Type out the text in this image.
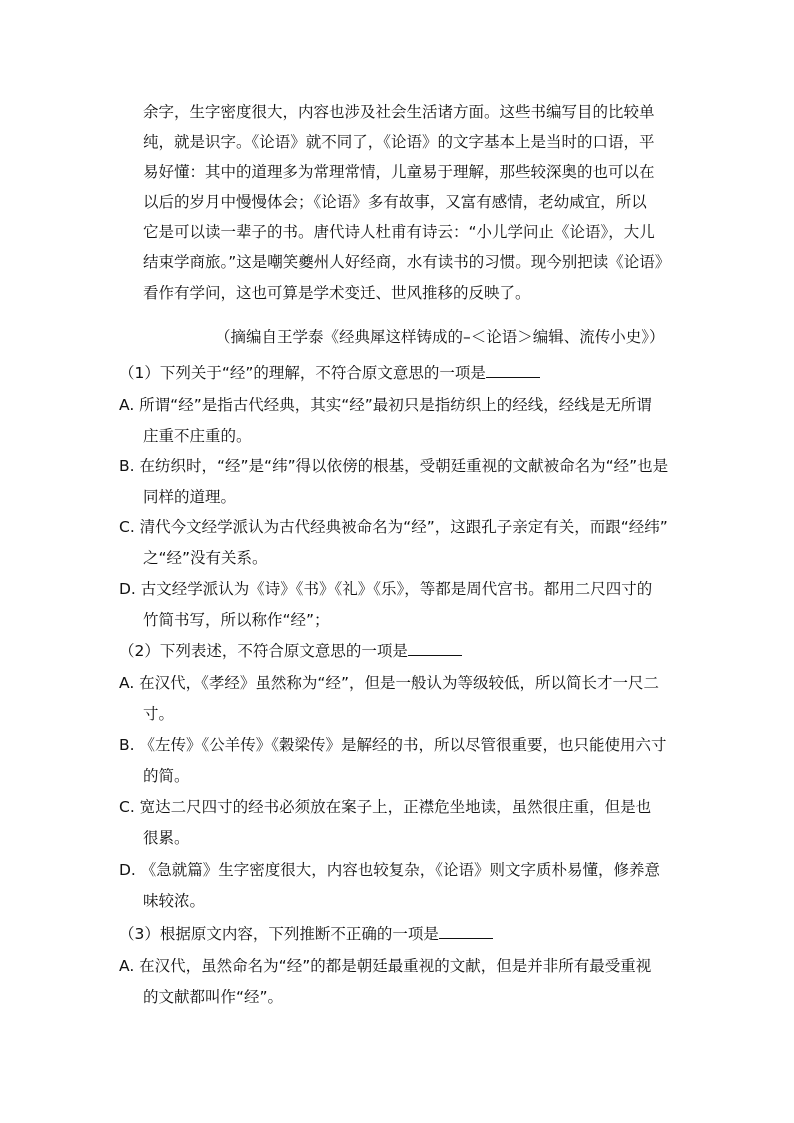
余字，生字密度很大，内容也涉及社会生活诸方面。这些书编写目的比较单
纯，就是识字。《论语》就不同了，《论语》的文字基本上是当时的口语，平
易好懂：其中的道理多为常理常情，儿童易于理解，那些较深奥的也可以在
以后的岁月中慢慢体会；《论语》多有故事，又富有感情，老幼咸宜，所以
它是可以读一辈子的书。唐代诗人杜甫有诗云：“小儿学问止《论语》，大儿
结束学商旅。”这是嘲笑夔州人好经商，水有读书的习惯。现今别把读《论语》
看作有学问，这也可算是学术变迁、世风推移的反映了。
（摘编自王学泰《经典犀这样铸成的–＜论语＞编辑、流传小史》）
（1）下列关于“经”的理解，不符合原文意思的一项是
A. 所谓“经”是指古代经典，其实“经”最初只是指纺织上的经线，经线是无所谓
庄重不庄重的。
B. 在纺织时，“经”是“纬”得以依傍的根基，受朝廷重视的文献被命名为“经”也是
同样的道理。
C. 清代今文经学派认为古代经典被命名为“经”，这跟孔子亲定有关，而跟“经纬”
之“经”没有关系。
D. 古文经学派认为《诗》《书》《礼》《乐》，等都是周代宫书。都用二尺四寸的
竹简书写，所以称作“经”；
（2）下列表述，不符合原文意思的一项是
A. 在汉代，《孝经》虽然称为“经”，但是一般认为等级较低，所以简长才一尺二
寸。
B. 《左传》《公羊传》《穀梁传》是解经的书，所以尽管很重要，也只能使用六寸
的简。
C. 宽达二尺四寸的经书必须放在案子上，正襟危坐地读，虽然很庄重，但是也
很累。
D. 《急就篇》生字密度很大，内容也较复杂，《论语》则文字质朴易懂，修养意
味较浓。
（3）根据原文内容，下列推断不正确的一项是
A. 在汉代，虽然命名为“经”的都是朝廷最重视的文献，但是并非所有最受重视
的文献都叫作“经”。
